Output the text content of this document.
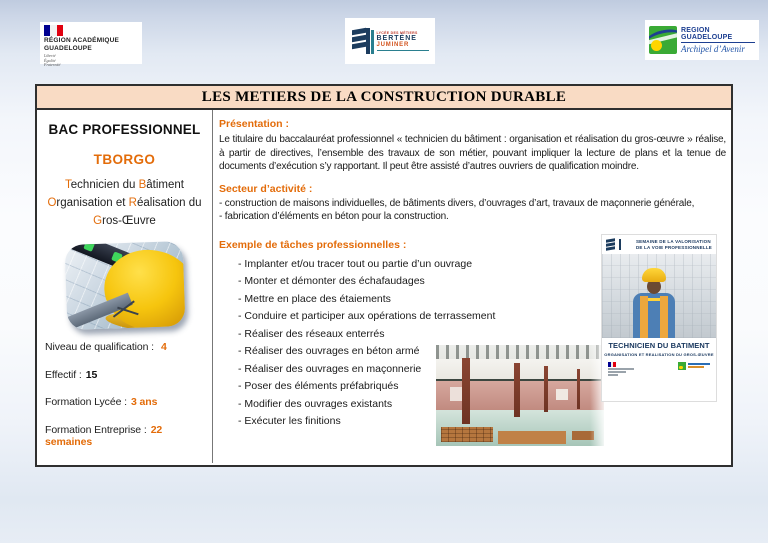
RÉGION ACADÉMIQUE
GUADELOUPE
Liberté
Égalité
Fraternité
LYCÉE DES MÉTIERS
BERTÈNE
JUMINER
REGION GUADELOUPE
Archipel d’Avenir
LES METIERS DE LA CONSTRUCTION DURABLE
BAC PROFESSIONNEL
TBORGO
Technicien du Bâtiment
Organisation et Réalisation du
Gros-Œuvre
Niveau de qualification : 4
Effectif : 15
Formation Lycée : 3 ans
Formation Entreprise : 22 semaines
Présentation :

Le titulaire du baccalauréat professionnel « technicien du bâtiment : organisation et réalisation du gros-œuvre » réalise, à partir de directives, l’ensemble des travaux de son métier, pouvant impliquer la lecture de plans et la tenue de documents d’exécution s’y rapportant. Il peut être assisté d’autres ouvriers de qualification moindre.

Secteur d’activité :
- construction de maisons individuelles, de bâtiments divers, d’ouvrages d’art, travaux de maçonnerie générale,
- fabrication d’éléments en béton pour la construction.
Exemple de tâches professionnelles :
- Implanter et/ou tracer tout ou partie d’un ouvrage
- Monter et démonter des échafaudages
- Mettre en place des étaiements
- Conduire et participer aux opérations de terrassement
- Réaliser des réseaux enterrés
- Réaliser des ouvrages en béton armé
- Réaliser des ouvrages en maçonnerie
- Poser des éléments préfabriqués
- Modifier des ouvrages existants
- Exécuter les finitions
SEMAINE DE LA VALORISATION
DE LA VOIE PROFESSIONNELLE
TECHNICIEN DU BATIMENT
ORGANISATION ET REALISATION DU GROS-ŒUVRE
